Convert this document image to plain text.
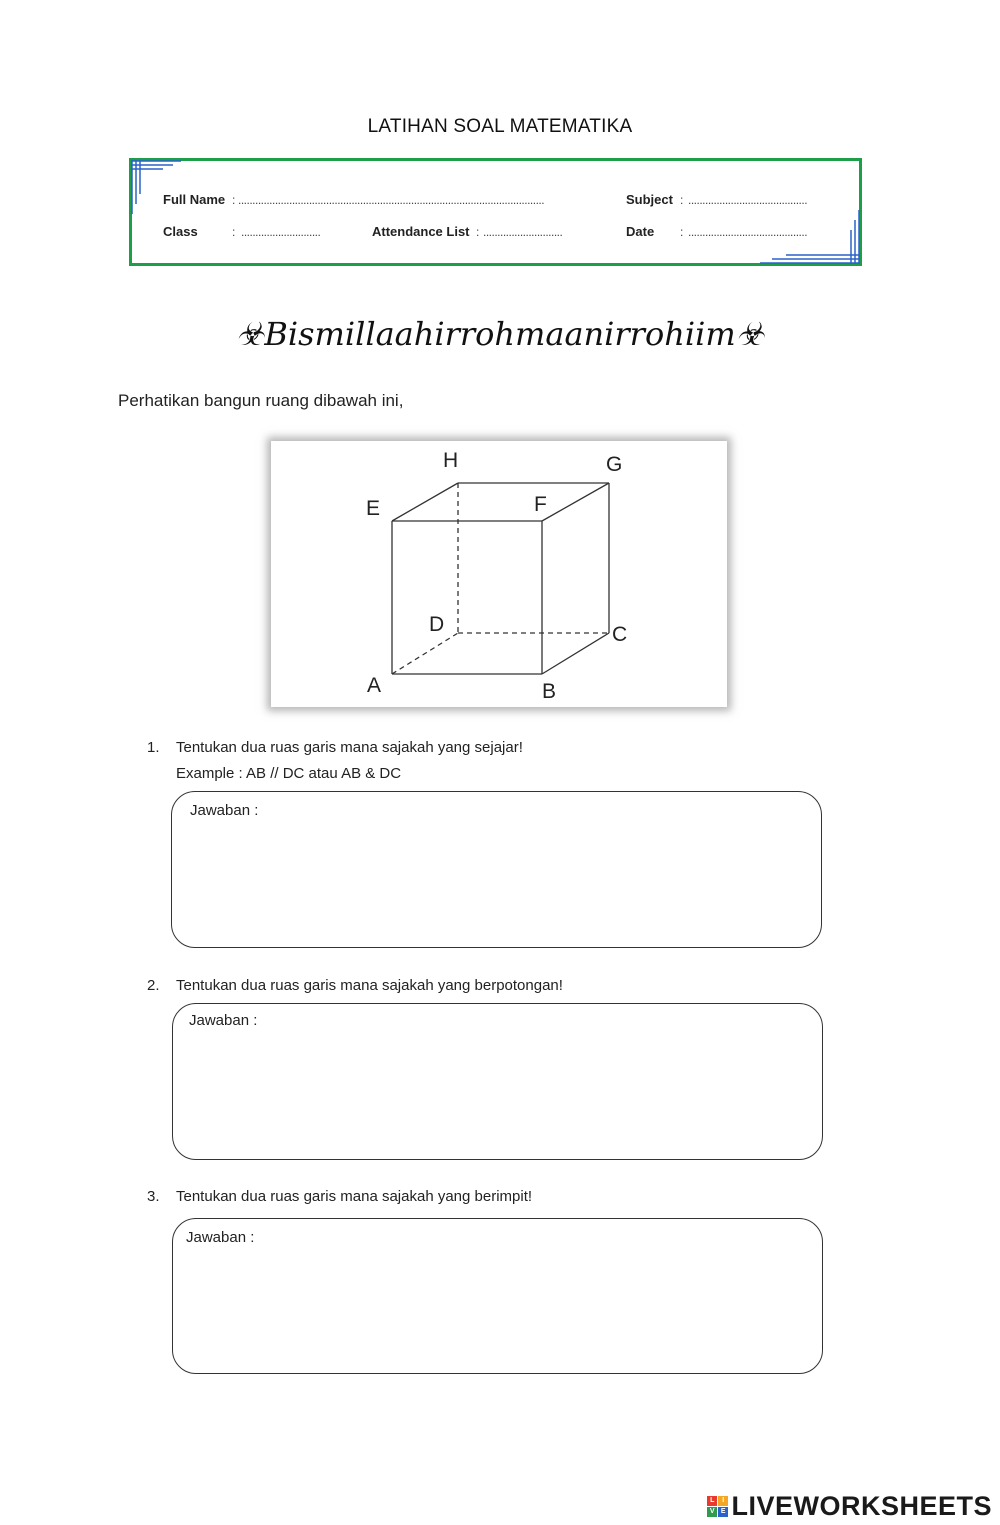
LATIHAN SOAL MATEMATIKA
Full Name : ............................................................................................................	Subject : ..........................................
Class	: ............................	Attendance List : ............................	Date : ..........................................
☣Bismillaahirrohmaanirrohiim☣
Perhatikan bangun ruang dibawah ini,
A	B
C
D
E	F
G
H
1. Tentukan dua ruas garis mana sajakah yang sejajar!
Example : AB // DC atau AB & DC
Jawaban :
2. Tentukan dua ruas garis mana sajakah yang berpotongan!
Jawaban :
3. Tentukan dua ruas garis mana sajakah yang berimpit!
Jawaban :
L	I
V E LIVEWORKSHEETS
